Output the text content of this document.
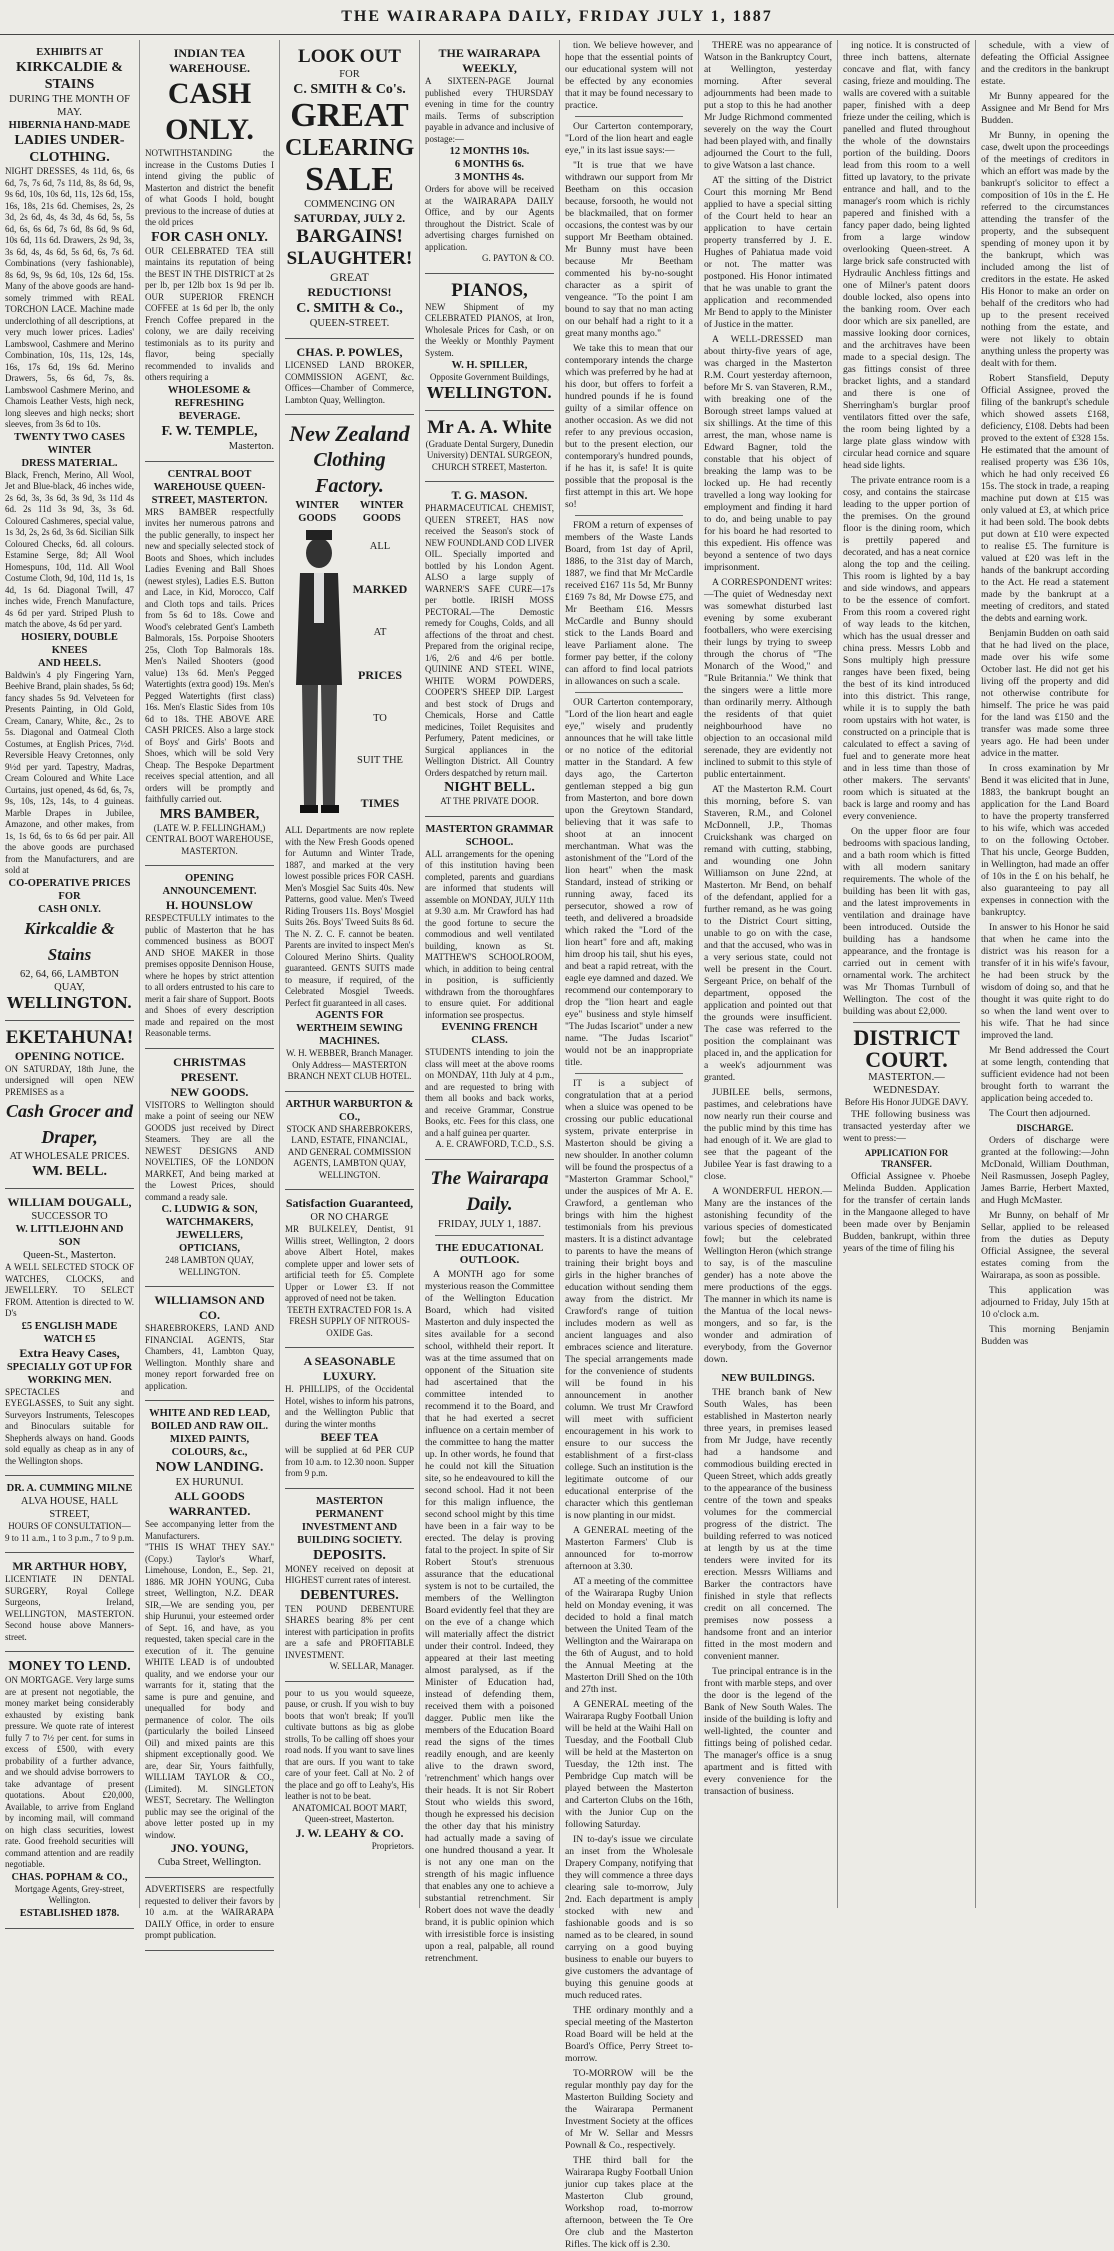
THE WAIRARAPA DAILY, FRIDAY JULY 1, 1887
EXHIBITS AT
KIRKCALDIE & STAINS
DURING THE MONTH OF MAY.
HIBERNIA HAND-MADE
LADIES UNDER-
CLOTHING.
NIGHT DRESSES, 4s 11d, 6s, 6s 6d, 7s, 7s 6d, 7s 11d, 8s, 8s 6d, 9s, 9s 6d, 10s, 10s 6d, 11s, 12s 6d, 15s, 16s, 18s, 21s 6d. Chemises, 2s, 2s 3d, 2s 6d, 4s, 4s 3d, 4s 6d, 5s, 5s 6d, 6s, 6s 6d, 7s 6d, 8s 6d, 9s 6d, 10s 6d, 11s 6d. Drawers, 2s 9d, 3s, 3s 6d, 4s, 4s 6d, 5s 6d, 6s, 7s 6d. Combinations (very fashionable), 8s 6d, 9s, 9s 6d, 10s, 12s 6d, 15s. Many of the above goods are hand-somely trimmed with REAL TORCHON LACE. Machine made underclothing of all descriptions, at very much lower prices. Ladies' Lambswool, Cashmere and Merino Combination, 10s, 11s, 12s, 14s, 16s, 17s 6d, 19s 6d. Merino Drawers, 5s, 6s 6d, 7s, 8s. Lambswool Cashmere Merino, and Chamois Leather Vests, high neck, long sleeves and high necks; short sleeves, from 3s 6d to 10s.
TWENTY TWO CASES WINTER
DRESS MATERIAL.
Black, French, Merino, All Wool, Jet and Blue-black, 46 inches wide, 2s 6d, 3s, 3s 6d, 3s 9d, 3s 11d 4s 6d. 2s 11d 3s 9d, 3s, 3s 6d. Coloured Cashmeres, special value, 1s 3d, 2s, 2s 6d, 3s 6d. Sicilian Silk Coloured Checks, 6d. all colours. Estamine Serge, 8d; All Wool Homespuns, 10d, 11d. All Wool Costume Cloth, 9d, 10d, 11d 1s, 1s 4d, 1s 6d. Diagonal Twill, 47 inches wide, French Manufacture, 4s 6d per yard. Striped Plush to match the above, 4s 6d per yard.
HOSIERY, DOUBLE KNEES
AND HEELS.
Baldwin's 4 ply Fingering Yarn, Beehive Brand, plain shades, 5s 6d; fancy shades 5s 9d. Velveteen for Presents Painting, in Old Gold, Cream, Canary, White, &c., 2s to 5s. Diagonal and Oatmeal Cloth Costumes, at English Prices, 7½d. Reversible Heavy Cretonnes, only 9½d per yard. Tapestry, Madras, Cream Coloured and White Lace Curtains, just opened, 4s 6d, 6s, 7s, 9s, 10s, 12s, 14s, to 4 guineas. Marble Drapes in Jubilee, Amazone, and other makes, from 1s, 1s 6d, 6s to 6s 6d per pair. All the above goods are purchased from the Manufacturers, and are sold at
CO-OPERATIVE PRICES FOR
CASH ONLY.
Kirkcaldie & Stains
62, 64, 66, LAMBTON QUAY,
WELLINGTON.
EKETAHUNA!
OPENING NOTICE.
ON SATURDAY, 18th June, the undersigned will open NEW PREMISES as a
Cash Grocer and Draper,
AT WHOLESALE PRICES.
WM. BELL.
WILLIAM DOUGALL,
SUCCESSOR TO
W. LITTLEJOHN AND SON
Queen-St., Masterton.
A WELL SELECTED STOCK OF WATCHES, CLOCKS, and JEWELLERY. TO SELECT FROM. Attention is directed to W. D's
£5 ENGLISH MADE WATCH £5
Extra Heavy Cases,
SPECIALLY GOT UP FOR WORKING MEN.
SPECTACLES and EYEGLASSES, to Suit any sight. Surveyors Instruments, Telescopes and Binoculars suitable for Shepherds always on hand. Goods sold equally as cheap as in any of the Wellington shops.
DR. A. CUMMING MILNE
ALVA HOUSE, HALL STREET,
HOURS OF CONSULTATION— 9 to 11 a.m., 1 to 3 p.m., 7 to 9 p.m.
MR ARTHUR HOBY,
LICENTIATE IN DENTAL SURGERY, Royal College Surgeons, Ireland, WELLINGTON, MASTERTON. Second house above Manners-street.
MONEY TO LEND.
ON MORTGAGE. Very large sums are at present not negotiable, the money market being considerably exhausted by existing bank pressure. We quote rate of interest fully 7 to 7½ per cent. for sums in excess of £500, with every probability of a further advance, and we should advise borrowers to take advantage of present quotations. About £20,000, Available, to arrive from England by incoming mail, will command on high class securities, lowest rate. Good freehold securities will command attention and are readily negotiable.
CHAS. POPHAM & CO.,
Mortgage Agents, Grey-street, Wellington.
ESTABLISHED 1878.
INDIAN TEA WAREHOUSE.
CASH ONLY.
NOTWITHSTANDING the increase in the Customs Duties I intend giving the public of Masterton and district the benefit of what Goods I hold, bought previous to the increase of duties at the old prices
FOR CASH ONLY.
OUR CELEBRATED TEA still maintains its reputation of being the BEST IN THE DISTRICT at 2s per lb, per 12lb box 1s 9d per lb. OUR SUPERIOR FRENCH COFFEE at 1s 6d per lb, the only French Coffee prepared in the colony, we are daily receiving testimonials as to its purity and flavor, being specially recommended to invalids and others requiring a
WHOLESOME & REFRESHING BEVERAGE.
F. W. TEMPLE,
Masterton.
CENTRAL BOOT WAREHOUSE QUEEN-STREET, MASTERTON.
MRS BAMBER respectfully invites her numerous patrons and the public generally, to inspect her new and specially selected stock of Boots and Shoes, which includes Ladies Evening and Ball Shoes (newest styles), Ladies E.S. Button and Lace, in Kid, Morocco, Calf and Cloth tops and tails. Prices from 5s 6d to 18s. Cowe and Wood's celebrated Gent's Lambeth Balmorals, 15s. Porpoise Shooters 25s, Cloth Top Balmorals 18s. Men's Nailed Shooters (good value) 13s 6d. Men's Pegged Watertights (extra good) 19s. Men's Pegged Watertights (first class) 16s. Men's Elastic Sides from 10s 6d to 18s. THE ABOVE ARE CASH PRICES. Also a large stock of Boys' and Girls' Boots and Shoes, which will be sold Very Cheap. The Bespoke Department receives special attention, and all orders will be promptly and faithfully carried out.
MRS BAMBER,
(LATE W. P. FELLINGHAM,) CENTRAL BOOT WAREHOUSE, MASTERTON.
OPENING ANNOUNCEMENT.
H. HOUNSLOW
RESPECTFULLY intimates to the public of Masterton that he has commenced business as BOOT AND SHOE MAKER in those premises opposite Dennison House, where he hopes by strict attention to all orders entrusted to his care to merit a fair share of Support. Boots and Shoes of every description made and repaired on the most Reasonable terms.
CHRISTMAS PRESENT.
NEW GOODS.
VISITORS to Wellington should make a point of seeing our NEW GOODS just received by Direct Steamers. They are all the NEWEST DESIGNS AND NOVELTIES, OF the LONDON MARKET, And being marked at the Lowest Prices, should command a ready sale.
C. LUDWIG & SON, WATCHMAKERS, JEWELLERS, OPTICIANS,
248 LAMBTON QUAY, WELLINGTON.
WILLIAMSON AND CO.
SHAREBROKERS, LAND AND FINANCIAL AGENTS, Star Chambers, 41, Lambton Quay, Wellington. Monthly share and money report forwarded free on application.
WHITE AND RED LEAD, BOILED AND RAW OIL. MIXED PAINTS, COLOURS, &c.,
NOW LANDING.
EX HURUNUI.
ALL GOODS WARRANTED.
See accompanying letter from the Manufacturers.
"THIS IS WHAT THEY SAY." (Copy.) Taylor's Wharf, Limehouse, London, E., Sep. 21, 1886. MR JOHN YOUNG, Cuba street, Wellington, N.Z. DEAR SIR,—We are sending you, per ship Hurunui, your esteemed order of Sept. 16, and have, as you requested, taken special care in the execution of it. The genuine WHITE LEAD is of undoubted quality, and we endorse your our warrants for it, stating that the same is pure and genuine, and unequalled for body and permanence of color. The oils (particularly the boiled Linseed Oil) and mixed paints are this shipment exceptionally good. We are, dear Sir, Yours faithfully, WILLIAM TAYLOR & CO., (Limited). M. SINGLETON WEST, Secretary. The Wellington public may see the original of the above letter posted up in my window.
JNO. YOUNG,
Cuba Street, Wellington.
ADVERTISERS are respectfully requested to deliver their favors by 10 a.m. at the WAIRARAPA DAILY Office, in order to ensure prompt publication.
LOOK OUT
FOR
C. SMITH & Co's.
GREAT
CLEARING
SALE
COMMENCING ON
SATURDAY, JULY 2.
BARGAINS!
SLAUGHTER!
GREAT
REDUCTIONS!
C. SMITH & Co.,
QUEEN-STREET.
CHAS. P. POWLES,
LICENSED LAND BROKER, COMMISSION AGENT, &c. Offices—Chamber of Commerce, Lambton Quay, Wellington.
New Zealand
Clothing Factory.
WINTER GOODS
WINTER GOODS
ALL
MARKED
AT
PRICES
TO
SUIT THE
TIMES
ALL Departments are now replete with the New Fresh Goods opened for Autumn and Winter Trade, 1887, and marked at the very lowest possible prices FOR CASH. Men's Mosgiel Sac Suits 40s. New Patterns, good value. Men's Tweed Riding Trousers 11s. Boys' Mosgiel Suits 26s. Boys' Tweed Suits 8s 6d. The N. Z. C. F. cannot be beaten. Parents are invited to inspect Men's Coloured Merino Shirts. Quality guaranteed. GENTS SUITS made to measure, if required, of the Celebrated Mosgiel Tweeds. Perfect fit guaranteed in all cases.
AGENTS FOR WERTHEIM SEWING MACHINES.
W. H. WEBBER, Branch Manager.
Only Address— MASTERTON BRANCH NEXT CLUB HOTEL.
ARTHUR WARBURTON & CO.,
STOCK AND SHAREBROKERS, LAND, ESTATE, FINANCIAL, AND GENERAL COMMISSION AGENTS, LAMBTON QUAY, WELLINGTON.
Satisfaction Guaranteed,
OR NO CHARGE
MR BULKELEY, Dentist, 91 Willis street, Wellington, 2 doors above Albert Hotel, makes complete upper and lower sets of artificial teeth for £5. Complete Upper or Lower £3. If not approved of need not be taken.
TEETH EXTRACTED FOR 1s. A FRESH SUPPLY OF NITROUS-OXIDE Gas.
A SEASONABLE LUXURY.
H. PHILLIPS, of the Occidental Hotel, wishes to inform his patrons, and the Wellington Public that during the winter months
BEEF TEA
will be supplied at 6d PER CUP from 10 a.m. to 12.30 noon. Supper from 9 p.m.
MASTERTON PERMANENT INVESTMENT AND BUILDING SOCIETY.
DEPOSITS.
MONEY received on deposit at HIGHEST current rates of interest.
DEBENTURES.
TEN POUND DEBENTURE SHARES bearing 8% per cent interest with participation in profits are a safe and PROFITABLE INVESTMENT.
W. SELLAR, Manager.
pour to us you would squeeze, pause, or crush. If you wish to buy boots that won't break; If you'll cultivate buttons as big as globe strolls, To be calling off shoes your road nods. If you want to save lines that are ours. If you want to take care of your feet. Call at No. 2 of the place and go off to Leahy's, His leather is not to be beat.
ANATOMICAL BOOT MART, Queen-street, Masterton.
J. W. LEAHY & CO.
Proprietors.
THE WAIRARAPA WEEKLY,
A SIXTEEN-PAGE Journal published every THURSDAY evening in time for the country mails. Terms of subscription payable in advance and inclusive of postage:—
12 MONTHS 10s.
6 MONTHS 6s.
3 MONTHS 4s.
Orders for above will be received at the WAIRARAPA DAILY Office, and by our Agents throughout the District. Scale of advertising charges furnished on application.
G. PAYTON & CO.
PIANOS,
NEW Shipment of my CELEBRATED PIANOS, at Iron, Wholesale Prices for Cash, or on the Weekly or Monthly Payment System.
W. H. SPILLER,
Opposite Government Buildings,
WELLINGTON.
Mr A. A. White
(Graduate Dental Surgery, Dunedin University) DENTAL SURGEON, CHURCH STREET, Masterton.
T. G. MASON.
PHARMACEUTICAL CHEMIST, QUEEN STREET, HAS now received the Season's stock of NEW FOUNDLAND COD LIVER OIL. Specially imported and bottled by his London Agent. ALSO a large supply of WARNER'S SAFE CURE—17s per bottle. IRISH MOSS PECTORAL—The Demostic remedy for Coughs, Colds, and all affections of the throat and chest. Prepared from the original recipe, 1/6, 2/6 and 4/6 per bottle. QUININE AND STEEL WINE, WHITE WORM POWDERS, COOPER'S SHEEP DIP. Largest and best stock of Drugs and Chemicals, Horse and Cattle medicines, Toilet Requisites and Perfumery, Patent medicines, or Surgical appliances in the Wellington District. All Country Orders despatched by return mail.
NIGHT BELL.
AT THE PRIVATE DOOR.
MASTERTON GRAMMAR SCHOOL.
ALL arrangements for the opening of this institution having been completed, parents and guardians are informed that students will assemble on MONDAY, JULY 11th at 9.30 a.m. Mr Crawford has had the good fortune to secure the commodious and well ventilated building, known as St. MATTHEW'S SCHOOLROOM, which, in addition to being central in position, is sufficiently withdrawn from the thoroughfares to ensure quiet. For additional information see prospectus.
EVENING FRENCH CLASS.
STUDENTS intending to join the class will meet at the above rooms on MONDAY, 11th July at 4 p.m., and are requested to bring with them all books and back works, and receive Grammar, Construe Books, etc. Fees for this class, one and a half guinea per quarter.
A. E. CRAWFORD, T.C.D., S.S.
The Wairarapa Daily.
FRIDAY, JULY 1, 1887.
THE EDUCATIONAL OUTLOOK.

A MONTH ago for some mysterious reason the Committee of the Wellington Education Board, which had visited Masterton and duly inspected the sites available for a second school, withheld their report. It was at the time assumed that on opponent of the Situation site had ascertained that the committee intended to recommend it to the Board, and that he had exerted a secret influence on a certain member of the committee to hang the matter up. In other words, he found that he could not kill the Situation site, so he endeavoured to kill the second school. Had it not been for this malign influence, the second school might by this time have been in a fair way to be erected. The delay is proving fatal to the project. In spite of Sir Robert Stout's strenuous assurance that the educational system is not to be curtailed, the members of the Wellington Board evidently feel that they are on the eve of a change which will materially affect the district under their control. Indeed, they appeared at their last meeting almost paralysed, as if the Minister of Education had, instead of defending them, received them with a poisoned dagger. Public men like the members of the Education Board read the signs of the times readily enough, and are keenly alive to the drawn sword, 'retrenchment' which hangs over their heads. It is not Sir Robert Stout who wields this sword, though he expressed his decision the other day that his ministry had actually made a saving of one hundred thousand a year. It is not any one man on the strength of his magic influence that enables any one to achieve a substantial retrenchment. Sir Robert does not wave the deadly brand, it is public opinion which with irresistible force is insisting upon a real, palpable, all round retrenchment.

tion. We believe however, and hope that the essential points of our educational system will not be effected by any economies that it may be found necessary to practice.

Our Carterton contemporary, "Lord of the lion heart and eagle eye," in its last issue says:—

"It is true that we have withdrawn our support from Mr Beetham on this occasion because, forsooth, he would not be blackmailed, that on former occasions, the contest was by our support Mr Beetham obtained. Mr Bunny must have been because Mr Beetham commented his by-no-sought character as a spirit of vengeance. "To the point I am bound to say that no man acting on our behalf had a right to it a great many months ago."

We take this to mean that our contemporary intends the charge which was preferred by he had at his door, but offers to forfeit a hundred pounds if he is found guilty of a similar offence on another occasion. As we did not refer to any previous occasion, but to the present election, our contemporary's hundred pounds, if he has it, is safe! It is quite possible that the proposal is the first attempt in this art. We hope so!

FROM a return of expenses of members of the Waste Lands Board, from 1st day of April, 1886, to the 31st day of March, 1887, we find that Mr McCardle received £167 11s 5d, Mr Bunny £169 7s 8d, Mr Dowse £75, and Mr Beetham £16. Messrs McCardle and Bunny should stick to the Lands Board and leave Parliament alone. The former pay better, if the colony can afford to find local patriots in allowances on such a scale.

OUR Carterton contemporary, "Lord of the lion heart and eagle eye," wisely and prudently announces that he will take little or no notice of the editorial matter in the Standard. A few days ago, the Carterton gentleman stepped a big gun from Masterton, and bore down upon the Greytown Standard, believing that it was safe to shoot at an innocent merchantman. What was the astonishment of the "Lord of the lion heart" when the mask Standard, instead of striking or running away, faced its persecutor, showed a row of teeth, and delivered a broadside which raked the "Lord of the lion heart" fore and aft, making him droop his tail, shut his eyes, and beat a rapid retreat, with the eagle eye damned and dazed. We recommend our contemporary to drop the "lion heart and eagle eye" business and style himself "The Judas Iscariot" under a new name. "The Judas Iscariot" would not be an inappropriate title.

IT is a subject of congratulation that at a period when a sluice was opened to be crossing our public educational system, private enterprise in Masterton should be giving a new shoulder. In another column will be found the prospectus of a "Masterton Grammar School," under the auspices of Mr A. E. Crawford, a gentleman who brings with him the highest testimonials from his previous masters. It is a distinct advantage to parents to have the means of training their bright boys and girls in the higher branches of education without sending them away from the district. Mr Crawford's range of tuition includes modern as well as ancient languages and also embraces science and literature. The special arrangements made for the convenience of students will be found in his announcement in another column. We trust Mr Crawford will meet with sufficient encouragement in his work to ensure to our success the establishment of a first-class college. Such an institution is the legitimate outcome of our educational enterprise of the character which this gentleman is now planting in our midst.

A GENERAL meeting of the Masterton Farmers' Club is announced for to-morrow afternoon at 3.30.

AT a meeting of the committee of the Wairarapa Rugby Union held on Monday evening, it was decided to hold a final match between the United Team of the Wellington and the Wairarapa on the 6th of August, and to hold the Annual Meeting at the Masterton Drill Shed on the 10th and 27th inst.

A GENERAL meeting of the Wairarapa Rugby Football Union will be held at the Waihi Hall on Tuesday, and the Football Club will be held at the Masterton on Tuesday, the 12th inst. The Pembridge Cup match will be played between the Masterton and Carterton Clubs on the 16th, with the Junior Cup on the following Saturday.

IN to-day's issue we circulate an inset from the Wholesale Drapery Company, notifying that they will commence a three days clearing sale to-morrow, July 2nd. Each department is amply stocked with new and fashionable goods and is so named as to be cleared, in sound carrying on a good buying business to enable our buyers to give customers the advantage of buying this genuine goods at much reduced rates.

THE ordinary monthly and a special meeting of the Masterton Road Board will be held at the Board's Office, Perry Street to-morrow.

TO-MORROW will be the regular monthly pay day for the Masterton Building Society and the Wairarapa Permanent Investment Society at the offices of Mr W. Sellar and Messrs Pownall & Co., respectively.

THE third ball for the Wairarapa Rugby Football Union junior cup takes place at the Masterton Club ground, Workshop road, to-morrow afternoon, between the Te Ore Ore club and the Masterton Rifles. The kick off is 2.30.

THERE was no appearance of Watson in the Bankruptcy Court, at Wellington, yesterday morning. After several adjournments had been made to put a stop to this he had another Mr Judge Richmond commented severely on the way the Court had been played with, and finally adjourned the Court to the full, to give Watson a last chance.

AT the sitting of the District Court this morning Mr Bend applied to have a special sitting of the Court held to hear an application to have certain property transferred by J. E. Hughes of Pahiatua made void or not. The matter was postponed. His Honor intimated that he was unable to grant the application and recommended Mr Bend to apply to the Minister of Justice in the matter.

A WELL-DRESSED man about thirty-five years of age, was charged in the Masterton R.M. Court yesterday afternoon, before Mr S. van Staveren, R.M., with breaking one of the Borough street lamps valued at six shillings. At the time of this arrest, the man, whose name is Edward Bagner, told the constable that his object of breaking the lamp was to be locked up. He had recently travelled a long way looking for employment and finding it hard to do, and being unable to pay for his board he had resorted to this expedient. His offence was beyond a sentence of two days imprisonment.

A CORRESPONDENT writes:—The quiet of Wednesday next was somewhat disturbed last evening by some exuberant footballers, who were exercising their lungs by trying to sweep through the chorus of "The Monarch of the Wood," and "Rule Britannia." We think that the singers were a little more than ordinarily merry. Although the residents of that quiet neighbourhood have no objection to an occasional mild serenade, they are evidently not inclined to submit to this style of public entertainment.

AT the Masterton R.M. Court this morning, before S. van Staveren, R.M., and Colonel McDonnell, J.P., Thomas Cruickshank was charged on remand with cutting, stabbing, and wounding one John Williamson on June 22nd, at Masterton. Mr Bend, on behalf of the defendant, applied for a further remand, as he was going to the District Court sitting, unable to go on with the case, and that the accused, who was in a very serious state, could not well be present in the Court. Sergeant Price, on behalf of the department, opposed the application and pointed out that the grounds were insufficient. The case was referred to the position the complainant was placed in, and the application for a week's adjournment was granted.

JUBILEE bells, sermons, pastimes, and celebrations have now nearly run their course and the public mind by this time has had enough of it. We are glad to see that the pageant of the Jubilee Year is fast drawing to a close.

A WONDERFUL HERON.—Many are the instances of the astonishing fecundity of the various species of domesticated fowl; but the celebrated Wellington Heron (which strange to say, is of the masculine gender) has a note above the mere productions of the eggs. The manner in which its name is the Mantua of the local news-mongers, and so far, is the wonder and admiration of everybody, from the Governor down.

NEW BUILDINGS.

THE branch bank of New South Wales, has been established in Masterton nearly three years, in premises leased from Mr Judge, have recently had a handsome and commodious building erected in Queen Street, which adds greatly to the appearance of the business centre of the town and speaks volumes for the commercial progress of the district. The building referred to was noticed at length by us at the time tenders were invited for its erection. Messrs Williams and Barker the contractors have finished in style that reflects credit on all concerned. The premises now possess a handsome front and an interior fitted in the most modern and convenient manner.

Tue principal entrance is in the front with marble steps, and over the door is the legend of the Bank of New South Wales. The inside of the building is lofty and well-lighted, the counter and fittings being of polished cedar. The manager's office is a snug apartment and is fitted with every convenience for the transaction of business.

ing notice. It is constructed of three inch battens, alternate concave and flat, with fancy casing, frieze and moulding. The walls are covered with a suitable paper, finished with a deep frieze under the ceiling, which is panelled and fluted throughout the whole of the downstairs portion of the building. Doors lead from this room to a well fitted up lavatory, to the private entrance and hall, and to the manager's room which is richly papered and finished with a fancy paper dado, being lighted from a large window overlooking Queen-street. A large brick safe constructed with Hydraulic Anchless fittings and one of Milner's patent doors double locked, also opens into the banking room. Over each door which are six panelled, are massive looking door cornices, and the architraves have been made to a special design. The gas fittings consist of three bracket lights, and a standard and there is one of Sherringham's burglar proof ventilators fitted over the safe, the room being lighted by a large plate glass window with circular head cornice and square head side lights.

The private entrance room is a cosy, and contains the staircase leading to the upper portion of the premises. On the ground floor is the dining room, which is prettily papered and decorated, and has a neat cornice along the top and the ceiling. This room is lighted by a bay and side windows, and appears to be the essence of comfort. From this room a covered right of way leads to the kitchen, which has the usual dresser and china press. Messrs Lobb and Sons multiply high pressure ranges have been fixed, being the best of its kind introduced into this district. This range, while it is to supply the bath room upstairs with hot water, is constructed on a principle that is calculated to effect a saving of fuel and to generate more heat and in less time than those of other makers. The servants' room which is situated at the back is large and roomy and has every convenience.

On the upper floor are four bedrooms with spacious landing, and a bath room which is fitted with all modern sanitary requirements. The whole of the building has been lit with gas, and the latest improvements in ventilation and drainage have been introduced. Outside the building has a handsome appearance, and the frontage is carried out in cement with ornamental work. The architect was Mr Thomas Turnbull of Wellington. The cost of the building was about £2,000.

DISTRICT COURT.
MASTERTON.—WEDNESDAY.
Before His Honor JUDGE DAVY.

THE following business was transacted yesterday after we went to press:—

APPLICATION FOR TRANSFER.

Official Assignee v. Phoebe Melinda Budden. Application for the transfer of certain lands in the Mangaone alleged to have been made over by Benjamin Budden, bankrupt, within three years of the time of filing his

schedule, with a view of defeating the Official Assignee and the creditors in the bankrupt estate.

Mr Bunny appeared for the Assignee and Mr Bend for Mrs Budden.

Mr Bunny, in opening the case, dwelt upon the proceedings of the meetings of creditors in which an effort was made by the bankrupt's solicitor to effect a composition of 10s in the £. He referred to the circumstances attending the transfer of the property, and the subsequent spending of money upon it by the bankrupt, which was included among the list of creditors in the estate. He asked His Honor to make an order on behalf of the creditors who had up to the present received nothing from the estate, and were not likely to obtain anything unless the property was dealt with for them.

Robert Stansfield, Deputy Official Assignee, proved the filing of the bankrupt's schedule which showed assets £168, deficiency, £108. Debts had been proved to the extent of £328 15s. He estimated that the amount of realised property was £36 10s, which he had only received £6 15s. The stock in trade, a reaping machine put down at £15 was only valued at £3, at which price it had been sold. The book debts put down at £10 were expected to realise £5. The furniture is valued at £20 was left in the hands of the bankrupt according to the Act. He read a statement made by the bankrupt at a meeting of creditors, and stated the debts and earning work.

Benjamin Budden on oath said that he had lived on the place, made over his wife some October last. He did not get his living off the property and did not otherwise contribute for himself. The price he was paid for the land was £150 and the transfer was made some three years ago. He had been under advice in the matter.

In cross examination by Mr Bend it was elicited that in June, 1883, the bankrupt bought an application for the Land Board to have the property transferred to his wife, which was acceded to on the following October. That his uncle, George Budden, in Wellington, had made an offer of 10s in the £ on his behalf, he also guaranteeing to pay all expenses in connection with the bankruptcy.

In answer to his Honor he said that when he came into the district was his reason for a transfer of it in his wife's favour, he had been struck by the wisdom of doing so, and that he thought it was quite right to do so when the land went over to his wife. That he had since improved the land.

Mr Bend addressed the Court at some length, contending that sufficient evidence had not been brought forth to warrant the application being acceded to.

The Court then adjourned.

DISCHARGE.

Orders of discharge were granted at the following:—John McDonald, William Douthman, Neil Rasmussen, Joseph Pagley, James Barrie, Herbert Maxted, and Hugh McMaster.

Mr Bunny, on behalf of Mr Sellar, applied to be released from the duties as Deputy Official Assignee, the several estates coming from the Wairarapa, as soon as possible.

This application was adjourned to Friday, July 15th at 10 o'clock a.m.

This morning Benjamin Budden was
